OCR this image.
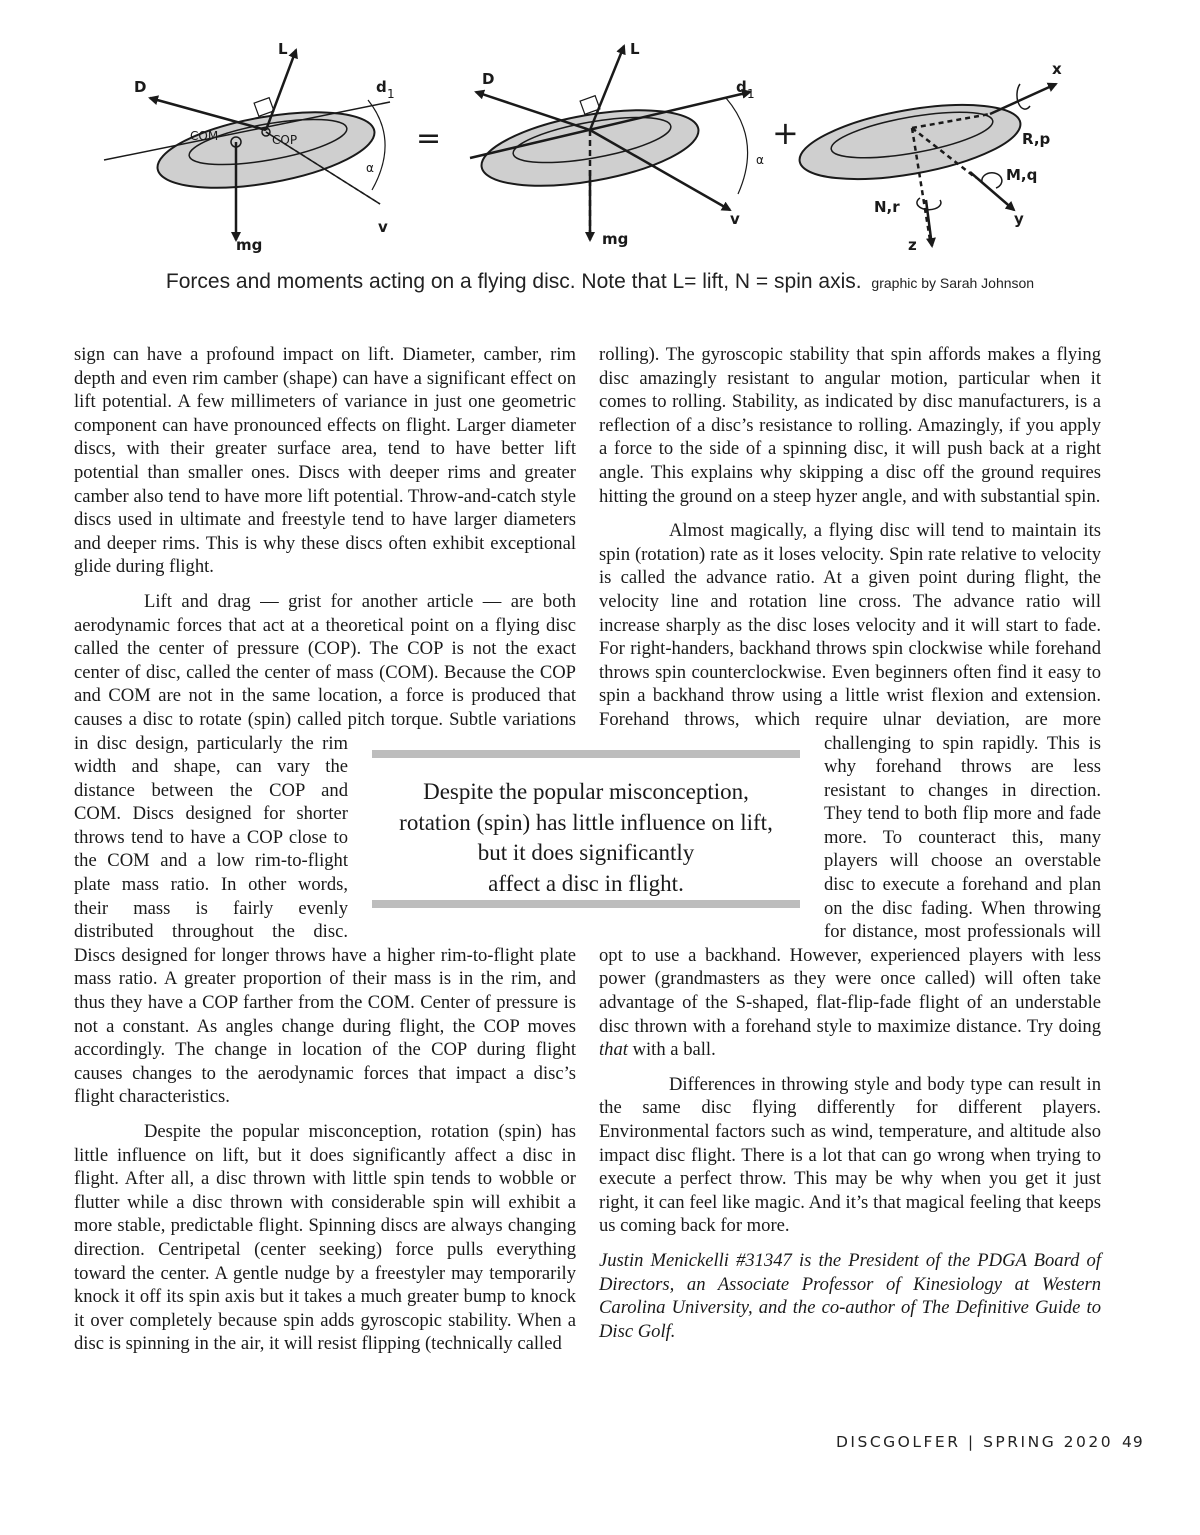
L
D	d 1
COM	COP
α
v
mg
=
L
D	d 1
α
v
mg
+
x
R,p
M,q
y
N,r
z
Forces and moments acting on a flying disc. Note that L= lift, N = spin axis. graphic by Sarah Johnson

sign can have a profound impact on lift. Diameter, camber, rim depth and even rim camber (shape) can have a significant effect on lift potential. A few millimeters of variance in just one geometric component can have pronounced effects on flight. Larger diameter discs, with their greater surface area, tend to have better lift potential than smaller ones. Discs with deeper rims and greater camber also tend to have more lift potential. Throw-and-catch style discs used in ultimate and freestyle tend to have larger diameters and deeper rims. This is why these discs often exhibit exceptional glide during flight.

Lift and drag — grist for another article — are both aerodynamic forces that act at a theoretical point on a flying disc called the center of pressure (COP). The COP is not the exact center of disc, called the center of mass (COM). Because the COP and COM are not in the same location, a force is produced that causes a disc to rotate (spin) called pitch torque. Subtle variations in disc design, particularly the rim width and shape, can vary the distance between the COP and COM. Discs designed for shorter throws tend to have a COP close to the COM and a low rim-to-flight plate mass ratio. In other words, their mass is fairly evenly distributed throughout the disc. Discs designed for longer throws have a higher rim-to-flight plate mass ratio. A greater proportion of their mass is in the rim, and thus they have a COP farther from the COM. Center of pressure is not a constant. As angles change during flight, the COP moves accordingly. The change in location of the COP during flight causes changes to the aerodynamic forces that impact a disc’s flight characteristics.

Despite the popular misconception, rotation (spin) has little influence on lift, but it does significantly affect a disc in flight. After all, a disc thrown with little spin tends to wobble or flutter while a disc thrown with considerable spin will exhibit a more stable, predictable flight. Spinning discs are always changing direction. Centripetal (center seeking) force pulls everything toward the center. A gentle nudge by a freestyler may temporarily knock it off its spin axis but it takes a much greater bump to knock it over completely because spin adds gyroscopic stability. When a disc is spinning in the air, it will resist flipping (technically called

rolling). The gyroscopic stability that spin affords makes a flying disc amazingly resistant to angular motion, particular when it comes to rolling. Stability, as indicated by disc manufacturers, is a reflection of a disc’s resistance to rolling. Amazingly, if you apply a force to the side of a spinning disc, it will push back at a right angle. This explains why skipping a disc off the ground requires hitting the ground on a steep hyzer angle, and with substantial spin.

Almost magically, a flying disc will tend to maintain its spin (rotation) rate as it loses velocity. Spin rate relative to velocity is called the advance ratio. At a given point during flight, the velocity line and rotation line cross. The advance ratio will increase sharply as the disc loses velocity and it will start to fade. For right-handers, backhand throws spin clockwise while forehand throws spin counterclockwise. Even beginners often find it easy to spin a backhand throw using a little wrist flexion and extension. Forehand throws, which require ulnar deviation, are more challenging to spin rapidly. This is why forehand throws are less resistant to changes in direction. They tend to both flip more and fade more. To counteract this, many players will choose an overstable disc to execute a forehand and plan on the disc fading. When throwing for distance, most professionals will opt to use a backhand. However, experienced players with less power (grandmasters as they were once called) will often take advantage of the S-shaped, flat-flip-fade flight of an understable disc thrown with a forehand style to maximize distance. Try doing that with a ball.

Differences in throwing style and body type can result in the same disc flying differently for different players. Environmental factors such as wind, temperature, and altitude also impact disc flight. There is a lot that can go wrong when trying to execute a perfect throw. This may be why when you get it just right, it can feel like magic. And it’s that magical feeling that keeps us coming back for more.

Justin Menickelli #31347 is the President of the PDGA Board of Directors, an Associate Professor of Kinesiology at Western Carolina University, and the co-author of The Definitive Guide to Disc Golf.

Despite the popular misconception,
rotation (spin) has little influence on lift,
but it does significantly
affect a disc in flight.
DISCGOLFER | SPRING 2020 49
